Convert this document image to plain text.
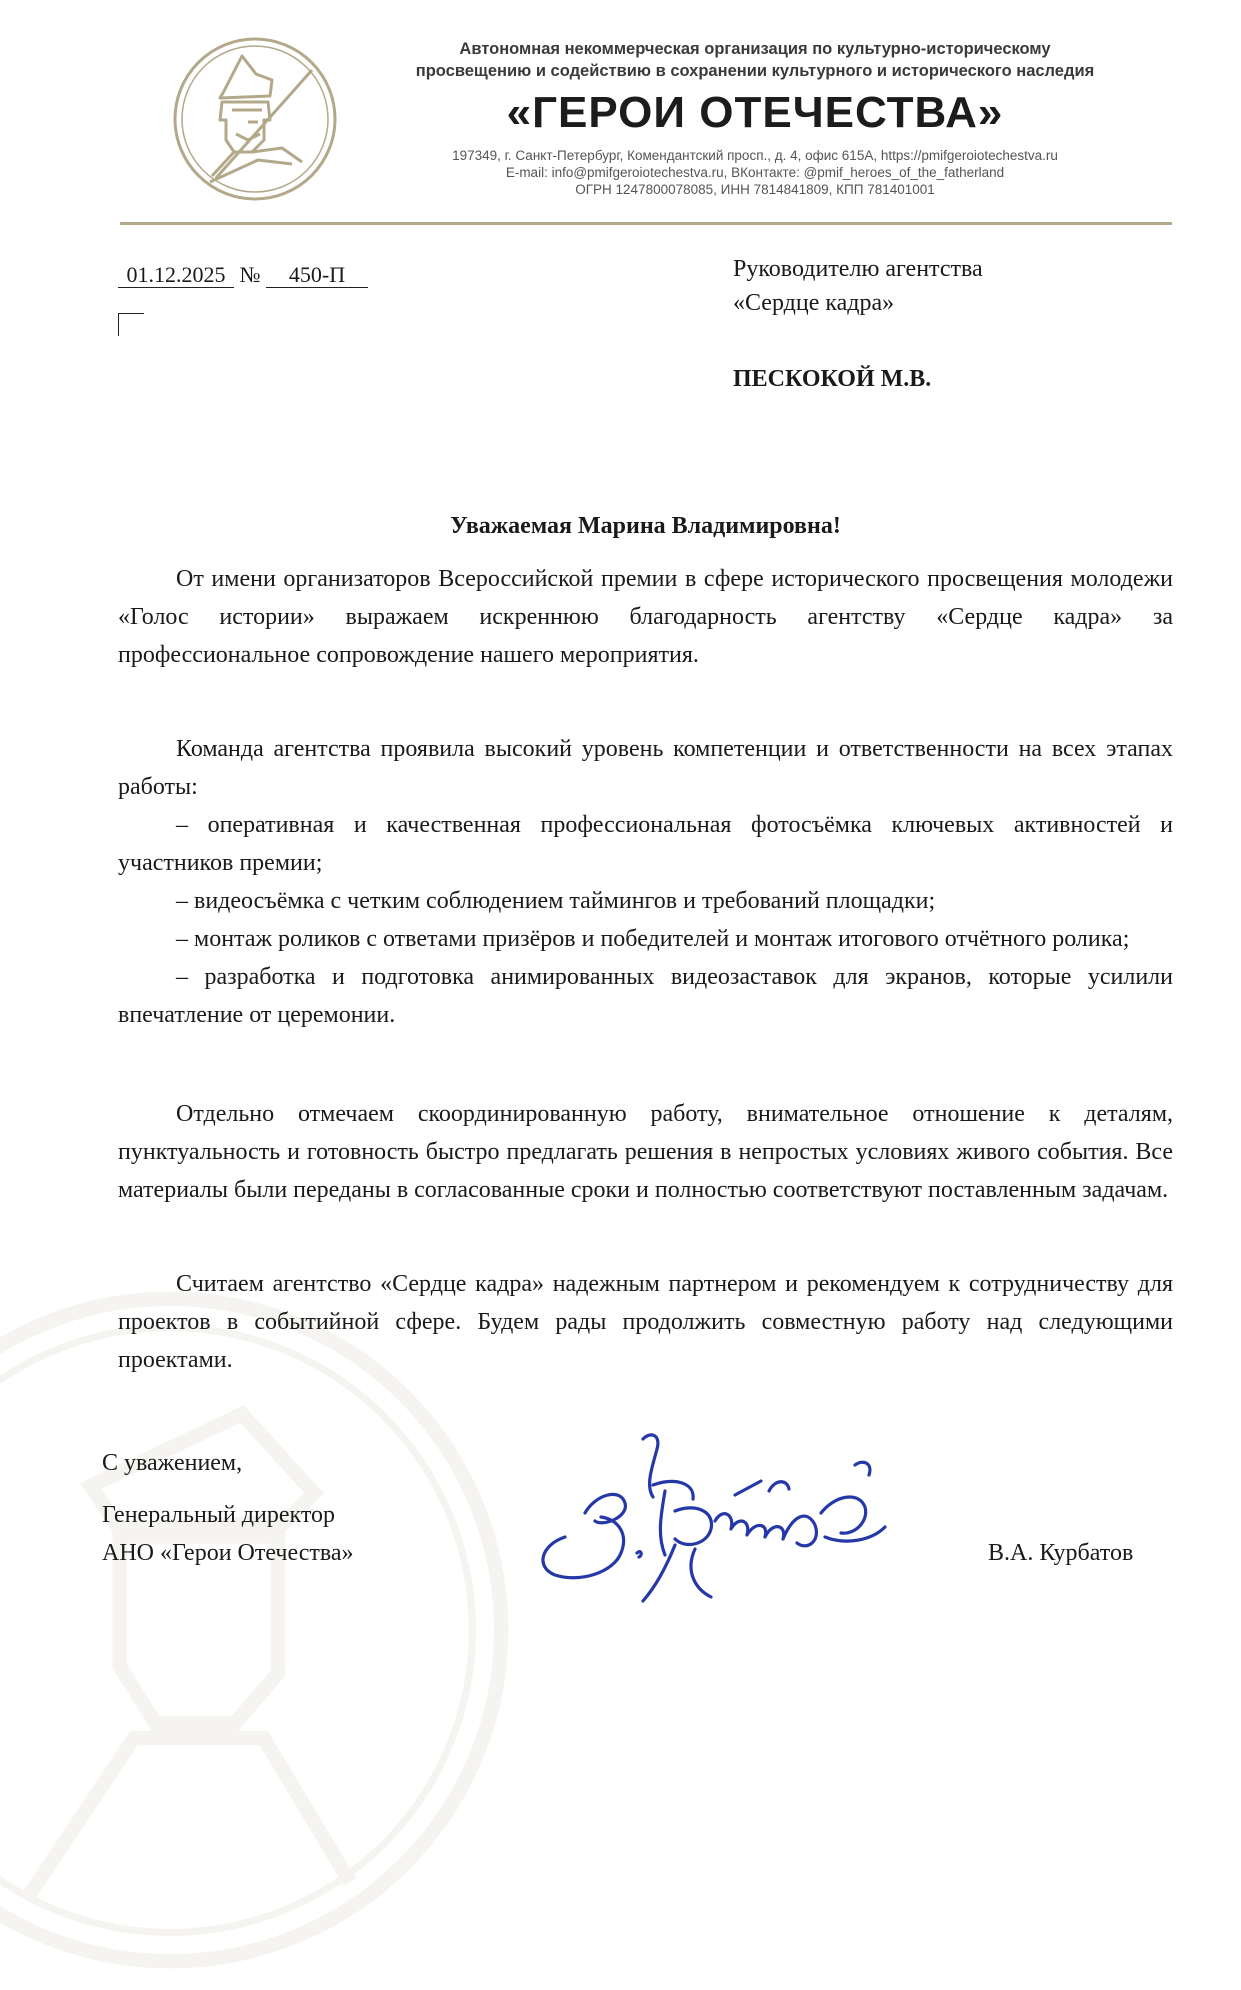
Автономная некоммерческая организация по культурно-историческому
просвещению и содействию в сохранении культурного и исторического наследия
«ГЕРОИ ОТЕЧЕСТВА»
197349, г. Санкт-Петербург, Комендантский просп., д. 4, офис 615А, https://pmifgeroiotechestva.ru
E-mail: info@pmifgeroiotechestva.ru, ВКонтакте: @pmif_heroes_of_the_fatherland
ОГРН 1247800078085, ИНН 7814841809, КПП 781401001
01.12.2025 № 450-П	Руководителю агентства
«Сердце кадра»
ПЕСКОКОЙ М.В.
Уважаемая Марина Владимировна!

От имени организаторов Всероссийской премии в сфере исторического просвещения молодежи «Голос истории» выражаем искреннюю благодарность агентству «Сердце кадра» за профессиональное сопровождение нашего мероприятия.

Команда агентства проявила высокий уровень компетенции и ответственности на всех этапах работы:

– оперативная и качественная профессиональная фотосъёмка ключевых активностей и участников премии;

– видеосъёмка с четким соблюдением таймингов и требований площадки;

– монтаж роликов с ответами призёров и победителей и монтаж итогового отчётного ролика;

– разработка и подготовка анимированных видеозаставок для экранов, которые усилили впечатление от церемонии.

Отдельно отмечаем скоординированную работу, внимательное отношение к деталям, пунктуальность и готовность быстро предлагать решения в непростых условиях живого события. Все материалы были переданы в согласованные сроки и полностью соответствуют поставленным задачам.

Считаем агентство «Сердце кадра» надежным партнером и рекомендуем к сотрудничеству для проектов в событийной сфере. Будем рады продолжить совместную работу над следующими проектами.

С уважением,
Генеральный директор
АНО «Герои Отечества»	В.А. Курбатов
